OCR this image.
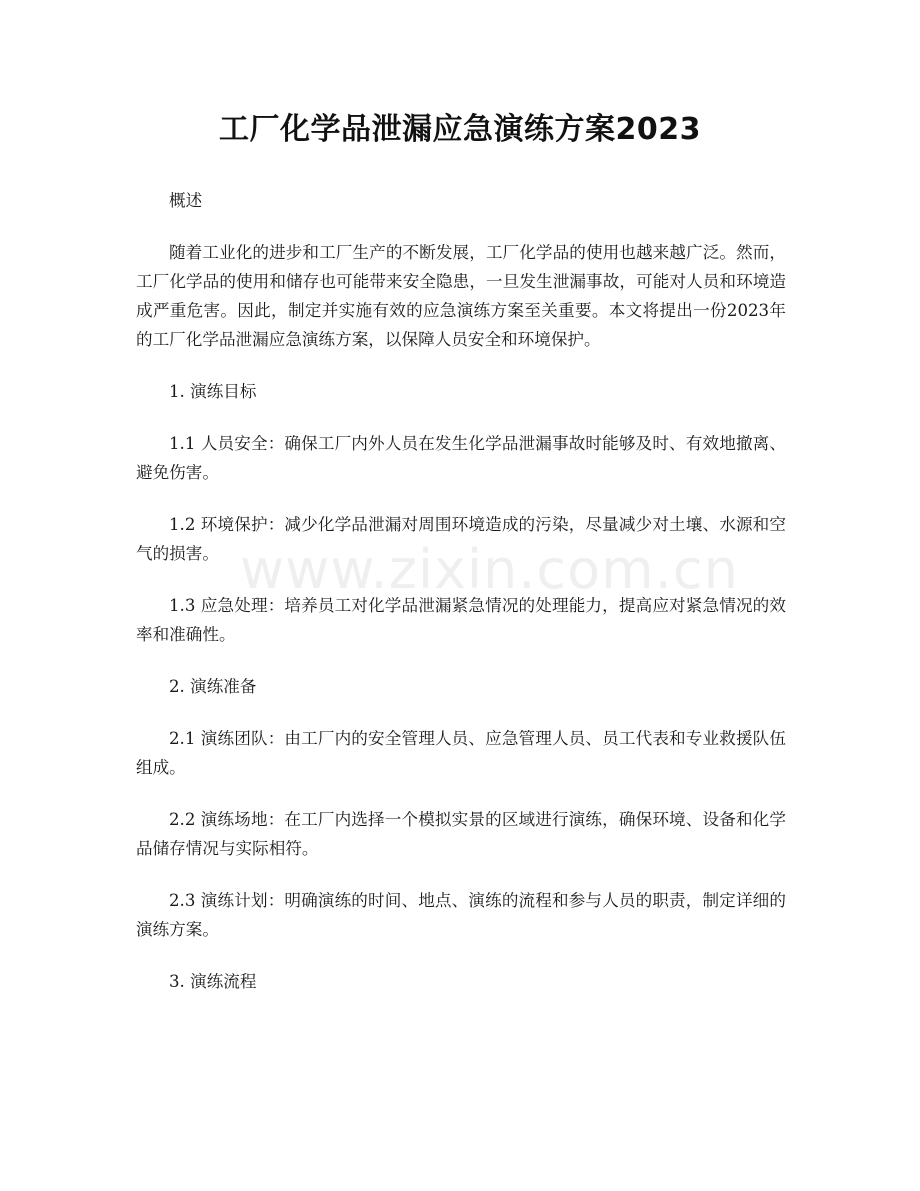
工厂化学品泄漏应急演练方案2023

概述

随着工业化的进步和工厂生产的不断发展，工厂化学品的使用也越来越广泛。然而，工厂化学品的使用和储存也可能带来安全隐患，一旦发生泄漏事故，可能对人员和环境造成严重危害。因此，制定并实施有效的应急演练方案至关重要。本文将提出一份2023年的工厂化学品泄漏应急演练方案，以保障人员安全和环境保护。

1. 演练目标

1.1 人员安全：确保工厂内外人员在发生化学品泄漏事故时能够及时、有效地撤离、避免伤害。

1.2 环境保护：减少化学品泄漏对周围环境造成的污染，尽量减少对土壤、水源和空气的损害。

1.3 应急处理：培养员工对化学品泄漏紧急情况的处理能力，提高应对紧急情况的效率和准确性。

2. 演练准备

2.1 演练团队：由工厂内的安全管理人员、应急管理人员、员工代表和专业救援队伍组成。

2.2 演练场地：在工厂内选择一个模拟实景的区域进行演练，确保环境、设备和化学品储存情况与实际相符。

2.3 演练计划：明确演练的时间、地点、演练的流程和参与人员的职责，制定详细的演练方案。

3. 演练流程

www.zixin.com.cn
